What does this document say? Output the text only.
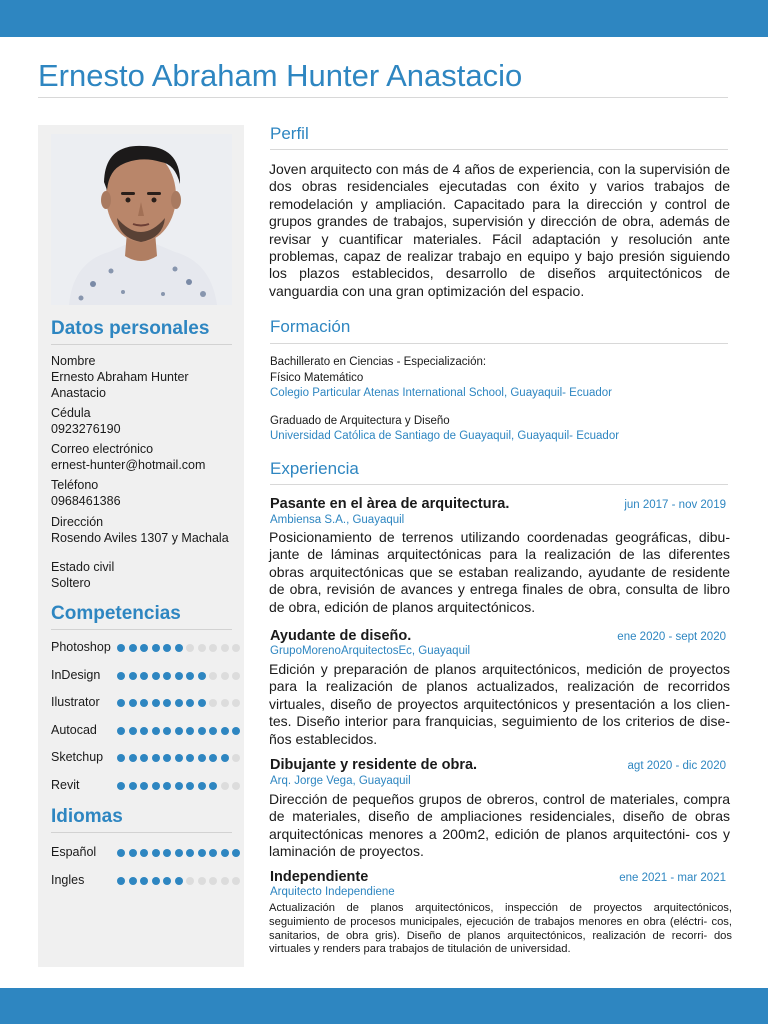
Ernesto Abraham Hunter Anastacio
Datos personales
Nombre
Ernesto Abraham Hunter
Anastacio
Cédula
0923276190
Correo electrónico
ernest-hunter@hotmail.com
Teléfono
0968461386
Dirección
Rosendo Aviles 1307 y Machala
Estado civil
Soltero
Competencias
Photoshop
InDesign
Ilustrator
Autocad
Sketchup
Revit
Idiomas
Español
Ingles
Perfil
Joven arquitecto con más de 4 años de experiencia, con la supervisión de dos obras residenciales ejecutadas con éxito y varios trabajos de remodelación y ampliación. Capacitado para la dirección y control de grupos grandes de trabajos, supervisión y dirección de obra, además de revisar y cuantificar materiales. Fácil adaptación y resolución ante problemas, capaz de realizar trabajo en equipo y bajo presión siguiendo los plazos establecidos, desarrollo de diseños arquitectónicos de vanguardia con una gran optimización del espacio.
Formación
Bachillerato en Ciencias - Especialización:
Físico Matemático
Colegio Particular Atenas International School, Guayaquil- Ecuador
Graduado de Arquitectura y Diseño
Universidad Católica de Santiago de Guayaquil, Guayaquil- Ecuador
Experiencia
Pasante en el àrea de arquitectura.	jun 2017 - nov 2019
Ambiensa S.A., Guayaquil
Posicionamiento de terrenos utilizando coordenadas geográficas, dibu- jante de láminas arquitectónicas para la realización de las diferentes obras arquitectónicas que se estaban realizando, ayudante de residente de obra, revisión de avances y entrega finales de obra, consulta de libro de obra, edición de planos arquitectónicos.
Ayudante de diseño.	ene 2020 - sept 2020
GrupoMorenoArquitectosEc, Guayaquil
Edición y preparación de planos arquitectónicos, medición de proyectos para la realización de planos actualizados, realización de recorridos virtuales, diseño de proyectos arquitectónicos y presentación a los clien- tes. Diseño interior para franquicias, seguimiento de los criterios de dise- ños establecidos.
Dibujante y residente de obra.	agt 2020 - dic 2020
Arq. Jorge Vega, Guayaquil
Dirección de pequeños grupos de obreros, control de materiales, compra de materiales, diseño de ampliaciones residenciales, diseño de obras arquitectónicas menores a 200m2, edición de planos arquitectóni- cos y laminación de proyectos.
Independiente	ene 2021 - mar 2021
Arquitecto Independiene
Actualización de planos arquitectónicos, inspección de proyectos arquitectónicos, seguimiento de procesos municipales, ejecución de trabajos menores en obra (eléctri- cos, sanitarios, de obra gris). Diseño de planos arquitectónicos, realización de recorri- dos virtuales y renders para trabajos de titulación de universidad.
